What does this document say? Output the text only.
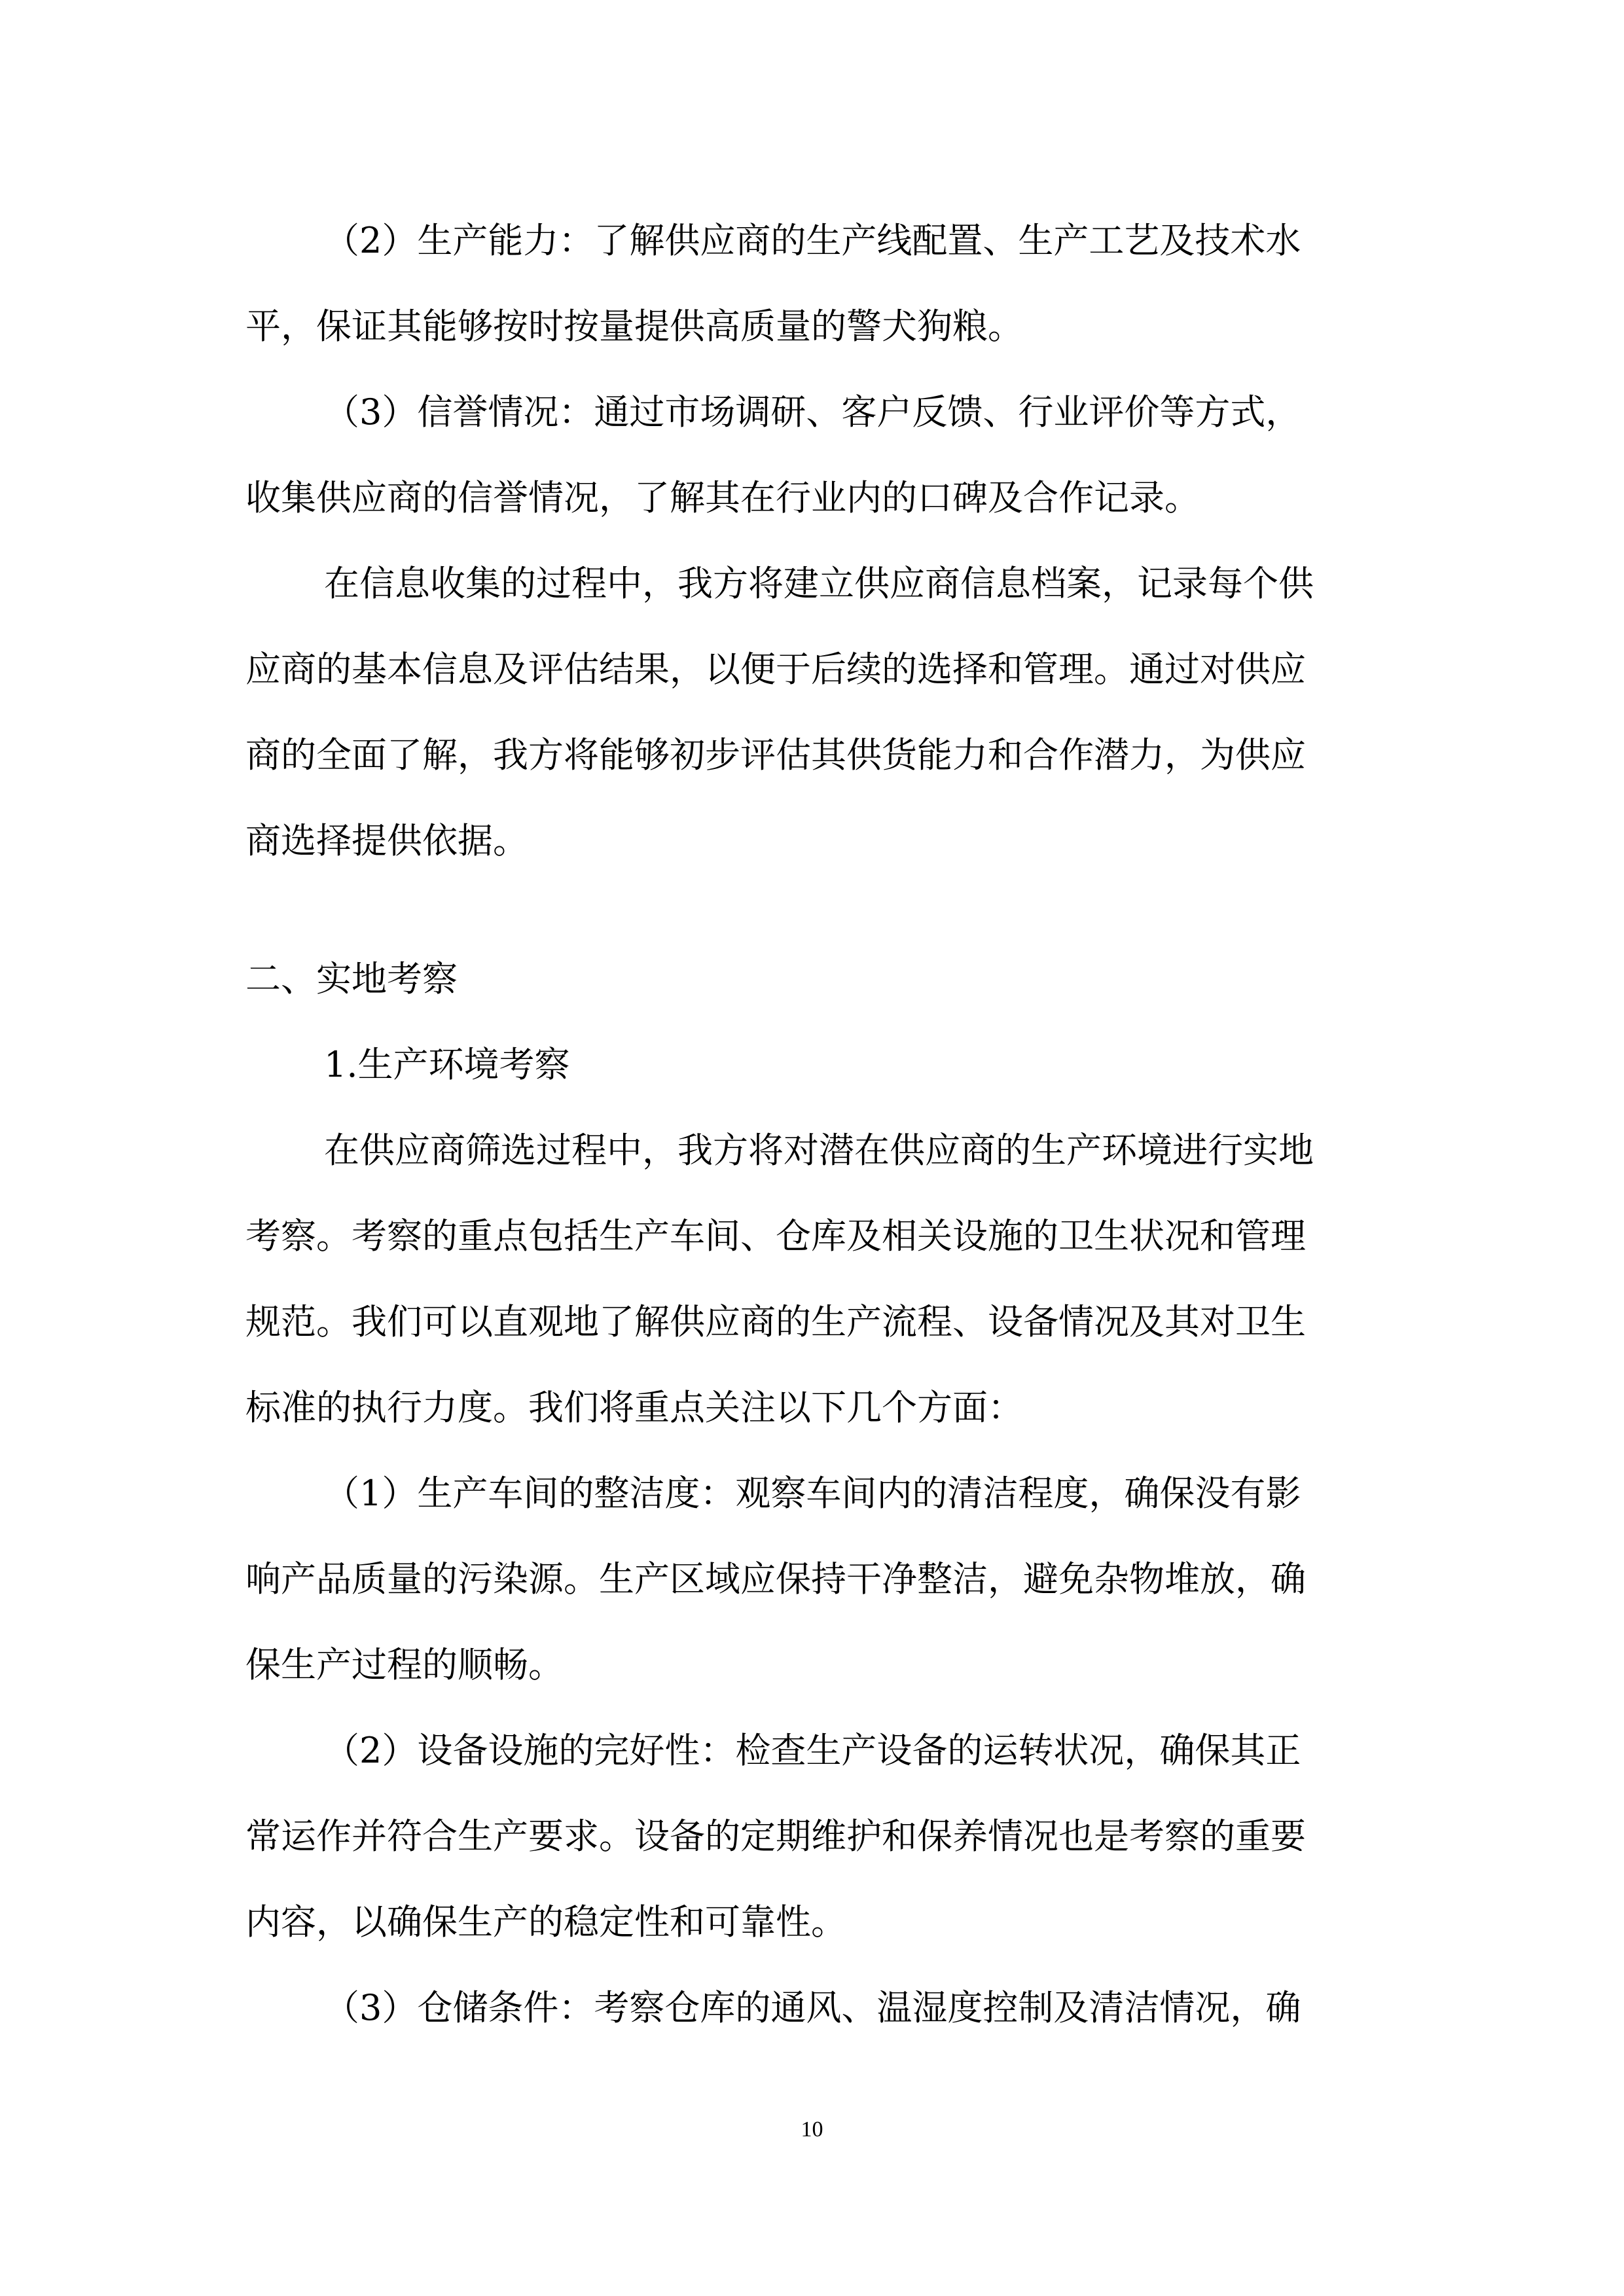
（2）生产能力：了解供应商的生产线配置、生产工艺及技术水
平，保证其能够按时按量提供高质量的警犬狗粮。
（3）信誉情况：通过市场调研、客户反馈、行业评价等方式，
收集供应商的信誉情况，了解其在行业内的口碑及合作记录。
在信息收集的过程中，我方将建立供应商信息档案，记录每个供
应商的基本信息及评估结果，以便于后续的选择和管理。通过对供应
商的全面了解，我方将能够初步评估其供货能力和合作潜力，为供应
商选择提供依据。
二、实地考察
1.生产环境考察
在供应商筛选过程中，我方将对潜在供应商的生产环境进行实地
考察。考察的重点包括生产车间、仓库及相关设施的卫生状况和管理
规范。我们可以直观地了解供应商的生产流程、设备情况及其对卫生
标准的执行力度。我们将重点关注以下几个方面：
（1）生产车间的整洁度：观察车间内的清洁程度，确保没有影
响产品质量的污染源。生产区域应保持干净整洁，避免杂物堆放，确
保生产过程的顺畅。
（2）设备设施的完好性：检查生产设备的运转状况，确保其正
常运作并符合生产要求。设备的定期维护和保养情况也是考察的重要
内容，以确保生产的稳定性和可靠性。
（3）仓储条件：考察仓库的通风、温湿度控制及清洁情况，确
10
